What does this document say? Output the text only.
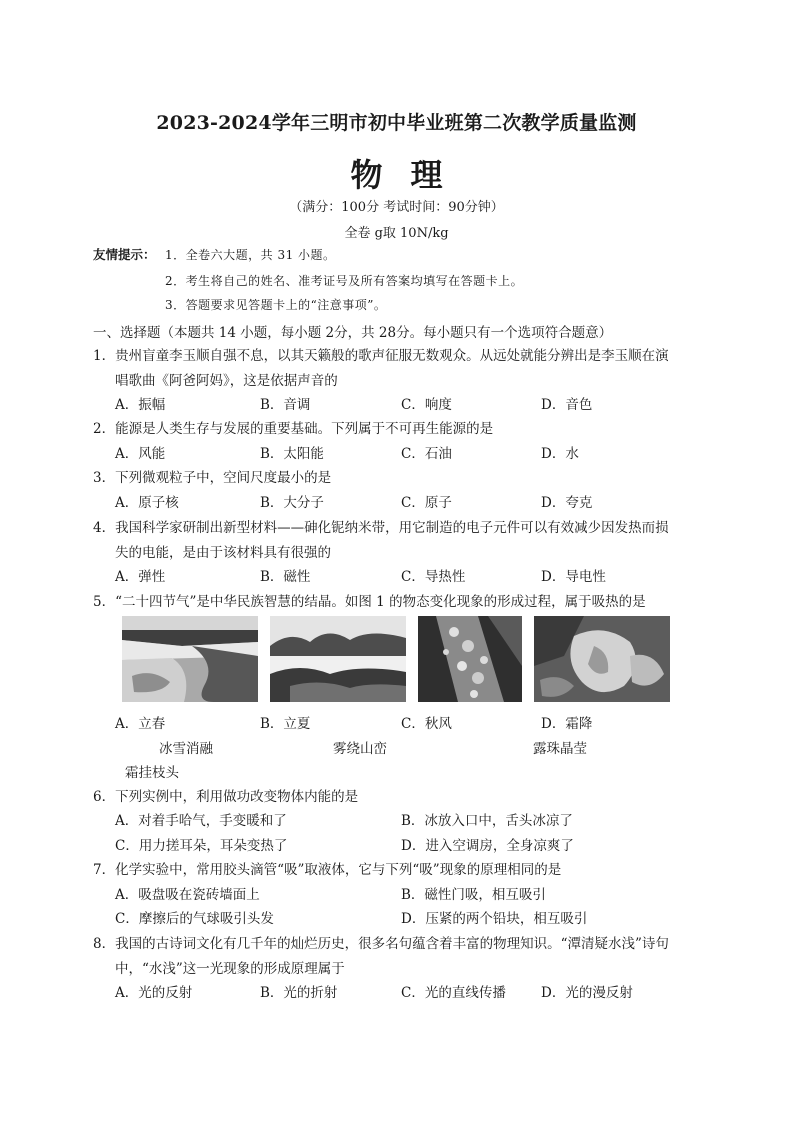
2023-2024学年三明市初中毕业班第二次教学质量监测
物理
（满分：100分 考试时间：90分钟）
全卷 g取 10N/kg
友情提示： 1．全卷六大题，共 31 小题。
2．考生将自己的姓名、准考证号及所有答案均填写在答题卡上。
3．答题要求见答题卡上的“注意事项”。
一、选择题（本题共 14 小题，每小题 2分，共 28分。每小题只有一个选项符合题意）
1．贵州盲童李玉顺自强不息，以其天籁般的歌声征服无数观众。从远处就能分辨出是李玉顺在演
唱歌曲《阿爸阿妈》，这是依据声音的
A．振幅	B．音调	C．响度	D．音色
2．能源是人类生存与发展的重要基础。下列属于不可再生能源的是
A．风能	B．太阳能	C．石油	D．水
3．下列微观粒子中，空间尺度最小的是
A．原子核	B．大分子	C．原子	D．夸克
4．我国科学家研制出新型材料——砷化铌纳米带，用它制造的电子元件可以有效减少因发热而损
失的电能，是由于该材料具有很强的
A．弹性	B．磁性	C．导热性	D．导电性
5．“二十四节气”是中华民族智慧的结晶。如图 1 的物态变化现象的形成过程，属于吸热的是
A．立春	B．立夏	C．秋风	D．霜降
冰雪消融	雾绕山峦	露珠晶莹
霜挂枝头
6．下列实例中，利用做功改变物体内能的是
A．对着手哈气，手变暖和了	B．冰放入口中，舌头冰凉了
C．用力搓耳朵，耳朵变热了	D．进入空调房，全身凉爽了
7．化学实验中，常用胶头滴管“吸”取液体，它与下列“吸”现象的原理相同的是
A．吸盘吸在瓷砖墙面上	B．磁性门吸，相互吸引
C．摩擦后的气球吸引头发	D．压紧的两个铅块，相互吸引
8．我国的古诗词文化有几千年的灿烂历史，很多名句蕴含着丰富的物理知识。“潭清疑水浅”诗句
中，“水浅”这一光现象的形成原理属于
A．光的反射	B．光的折射	C．光的直线传播	D．光的漫反射
